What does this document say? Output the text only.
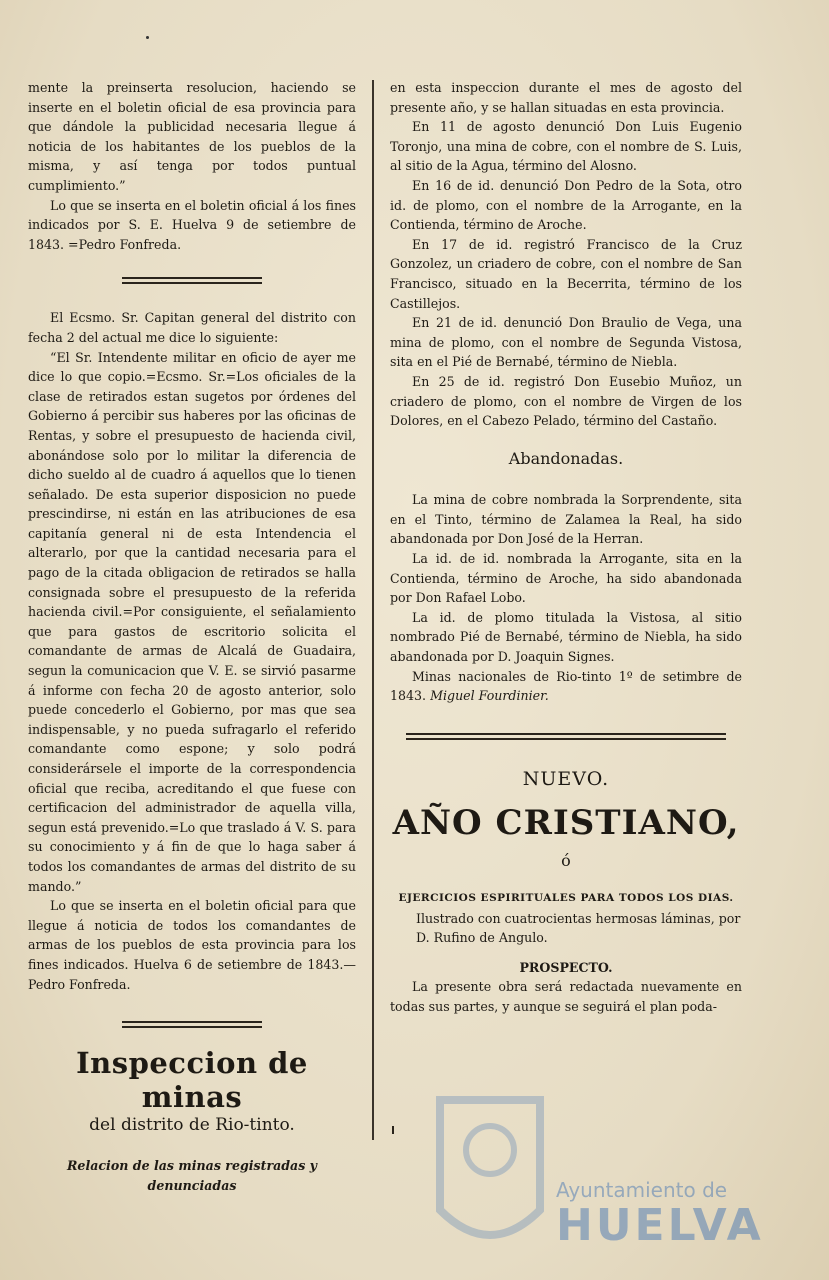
mente la preinserta resolucion, haciendo se inserte en el boletin oficial de esa provincia para que dándole la publicidad necesaria llegue á noticia de los habitantes de los pueblos de la misma, y así tenga por todos puntual cumplimiento.”

Lo que se inserta en el boletin oficial á los fines indicados por S. E. Huelva 9 de setiembre de 1843. =Pedro Fonfreda.

El Ecsmo. Sr. Capitan general del distrito con fecha 2 del actual me dice lo siguiente:

“El Sr. Intendente militar en oficio de ayer me dice lo que copio.=Ecsmo. Sr.=Los oficiales de la clase de retirados estan sugetos por órdenes del Gobierno á percibir sus haberes por las oficinas de Rentas, y sobre el presupuesto de hacienda civil, abonándose solo por lo militar la diferencia de dicho sueldo al de cuadro á aquellos que lo tienen señalado. De esta superior disposicion no puede prescindirse, ni están en las atribuciones de esa capitanía general ni de esta Intendencia el alterarlo, por que la cantidad necesaria para el pago de la citada obligacion de retirados se halla consignada sobre el presupuesto de la referida hacienda civil.=Por consiguiente, el señalamiento que para gastos de escritorio solicita el comandante de armas de Alcalá de Guadaira, segun la comunicacion que V. E. se sirvió pasarme á informe con fecha 20 de agosto anterior, solo puede concederlo el Gobierno, por mas que sea indispensable, y no pueda sufragarlo el referido comandante como espone; y solo podrá considerársele el importe de la correspondencia oficial que reciba, acreditando el que fuese con certificacion del administrador de aquella villa, segun está prevenido.=Lo que traslado á V. S. para su conocimiento y á fin de que lo haga saber á todos los comandantes de armas del distrito de su mando.”

Lo que se inserta en el boletin oficial para que llegue á noticia de todos los comandantes de armas de los pueblos de esta provincia para los fines indicados. Huelva 6 de setiembre de 1843.—Pedro Fonfreda.

Inspeccion de minas
del distrito de Rio-tinto.
Relacion de las minas registradas y denunciadas

en esta inspeccion durante el mes de agosto del presente año, y se hallan situadas en esta provincia.

En 11 de agosto denunció Don Luis Eugenio Toronjo, una mina de cobre, con el nombre de S. Luis, al sitio de la Agua, término del Alosno.

En 16 de id. denunció Don Pedro de la Sota, otro id. de plomo, con el nombre de la Arrogante, en la Contienda, término de Aroche.

En 17 de id. registró Francisco de la Cruz Gonzolez, un criadero de cobre, con el nombre de San Francisco, situado en la Becerrita, término de los Castillejos.

En 21 de id. denunció Don Braulio de Vega, una mina de plomo, con el nombre de Segunda Vistosa, sita en el Pié de Bernabé, término de Niebla.

En 25 de id. registró Don Eusebio Muñoz, un criadero de plomo, con el nombre de Virgen de los Dolores, en el Cabezo Pelado, término del Castaño.

Abandonadas.

La mina de cobre nombrada la Sorprendente, sita en el Tinto, término de Zalamea la Real, ha sido abandonada por Don José de la Herran.

La id. de id. nombrada la Arrogante, sita en la Contienda, término de Aroche, ha sido abandonada por Don Rafael Lobo.

La id. de plomo titulada la Vistosa, al sitio nombrado Pié de Bernabé, término de Niebla, ha sido abandonada por D. Joaquin Signes.

Minas nacionales de Rio-tinto 1º de setimbre de 1843. Miguel Fourdinier.

NUEVO.
AÑO CRISTIANO,
ó
EJERCICIOS ESPIRITUALES PARA TODOS LOS DIAS.

Ilustrado con cuatrocientas hermosas láminas, por D. Rufino de Angulo.

PROSPECTO.

La presente obra será redactada nuevamente en todas sus partes, y aunque se seguirá el plan poda-

Ayuntamiento de
HUELVA
